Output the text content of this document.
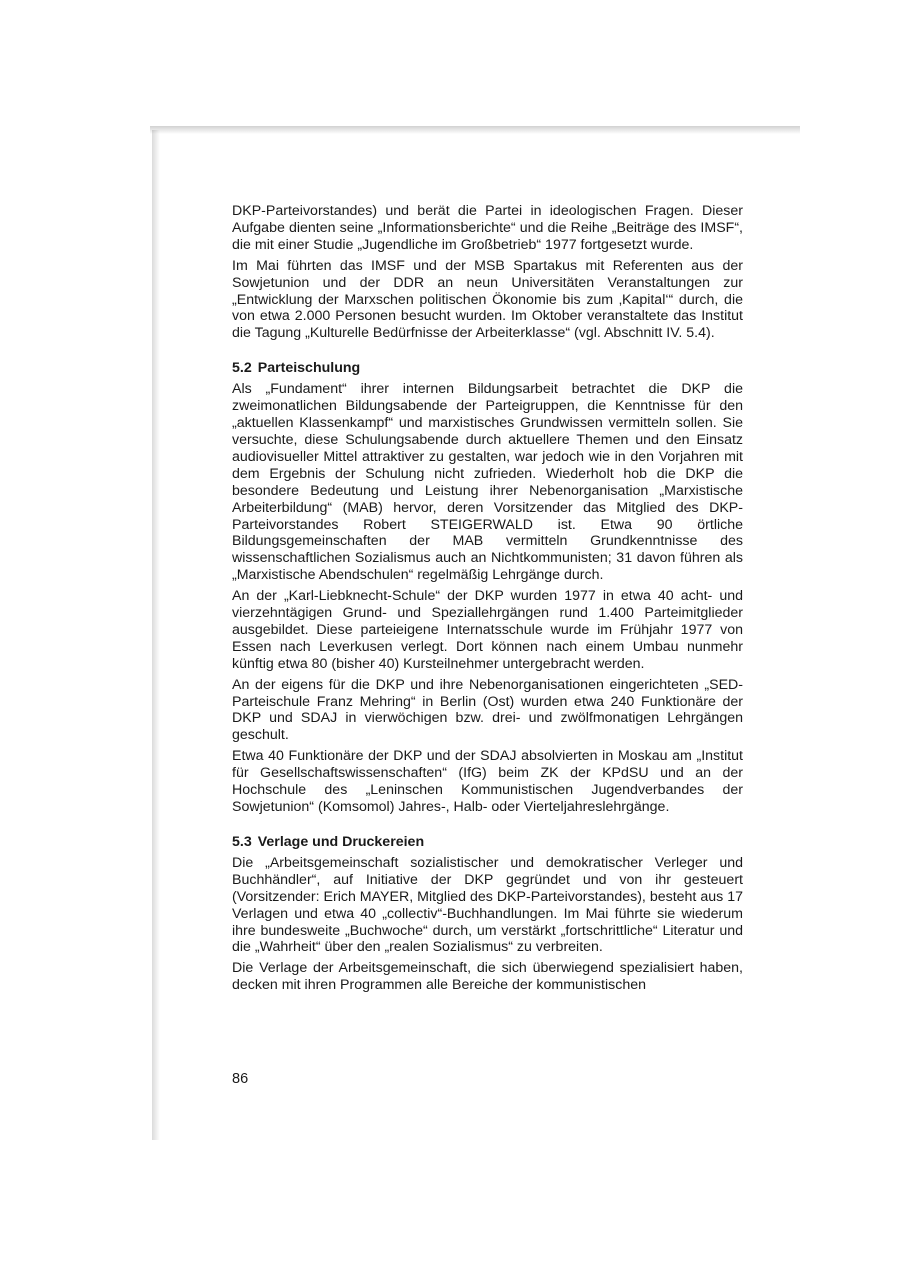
DKP-Parteivorstandes) und berät die Partei in ideologischen Fragen. Dieser Aufgabe dienten seine „Informationsberichte“ und die Reihe „Beiträge des IMSF“, die mit einer Studie „Jugendliche im Großbetrieb“ 1977 fortgesetzt wurde.

Im Mai führten das IMSF und der MSB Spartakus mit Referenten aus der Sowjetunion und der DDR an neun Universitäten Veranstaltungen zur „Entwicklung der Marxschen politischen Ökonomie bis zum ‚Kapital‘“ durch, die von etwa 2.000 Personen besucht wurden. Im Oktober veranstaltete das Institut die Tagung „Kulturelle Bedürfnisse der Arbeiterklasse“ (vgl. Abschnitt IV. 5.4).

5.2 Parteischulung

Als „Fundament“ ihrer internen Bildungsarbeit betrachtet die DKP die zweimonatlichen Bildungsabende der Parteigruppen, die Kenntnisse für den „aktuellen Klassenkampf“ und marxistisches Grundwissen vermitteln sollen. Sie versuchte, diese Schulungsabende durch aktuellere Themen und den Einsatz audiovisueller Mittel attraktiver zu gestalten, war jedoch wie in den Vorjahren mit dem Ergebnis der Schulung nicht zufrieden. Wiederholt hob die DKP die besondere Bedeutung und Leistung ihrer Nebenorganisation „Marxistische Arbeiterbildung“ (MAB) hervor, deren Vorsitzender das Mitglied des DKP-Parteivorstandes Robert STEIGERWALD ist. Etwa 90 örtliche Bildungsgemeinschaften der MAB vermitteln Grundkenntnisse des wissenschaftlichen Sozialismus auch an Nichtkommunisten; 31 davon führen als „Marxistische Abendschulen“ regelmäßig Lehrgänge durch.

An der „Karl-Liebknecht-Schule“ der DKP wurden 1977 in etwa 40 acht- und vierzehntägigen Grund- und Speziallehrgängen rund 1.400 Parteimitglieder ausgebildet. Diese parteieigene Internatsschule wurde im Frühjahr 1977 von Essen nach Leverkusen verlegt. Dort können nach einem Umbau nunmehr künftig etwa 80 (bisher 40) Kursteilnehmer untergebracht werden.

An der eigens für die DKP und ihre Nebenorganisationen eingerichteten „SED-Parteischule Franz Mehring“ in Berlin (Ost) wurden etwa 240 Funktionäre der DKP und SDAJ in vierwöchigen bzw. drei- und zwölfmonatigen Lehrgängen geschult.

Etwa 40 Funktionäre der DKP und der SDAJ absolvierten in Moskau am „Institut für Gesellschaftswissenschaften“ (IfG) beim ZK der KPdSU und an der Hochschule des „Leninschen Kommunistischen Jugendverbandes der Sowjetunion“ (Komsomol) Jahres-, Halb- oder Vierteljahreslehrgänge.

5.3 Verlage und Druckereien

Die „Arbeitsgemeinschaft sozialistischer und demokratischer Verleger und Buchhändler“, auf Initiative der DKP gegründet und von ihr gesteuert (Vorsitzender: Erich MAYER, Mitglied des DKP-Parteivorstandes), besteht aus 17 Verlagen und etwa 40 „collectiv“-Buchhandlungen. Im Mai führte sie wiederum ihre bundesweite „Buchwoche“ durch, um verstärkt „fortschrittliche“ Literatur und die „Wahrheit“ über den „realen Sozialismus“ zu verbreiten.

Die Verlage der Arbeitsgemeinschaft, die sich überwiegend spezialisiert haben, decken mit ihren Programmen alle Bereiche der kommunistischen

86
